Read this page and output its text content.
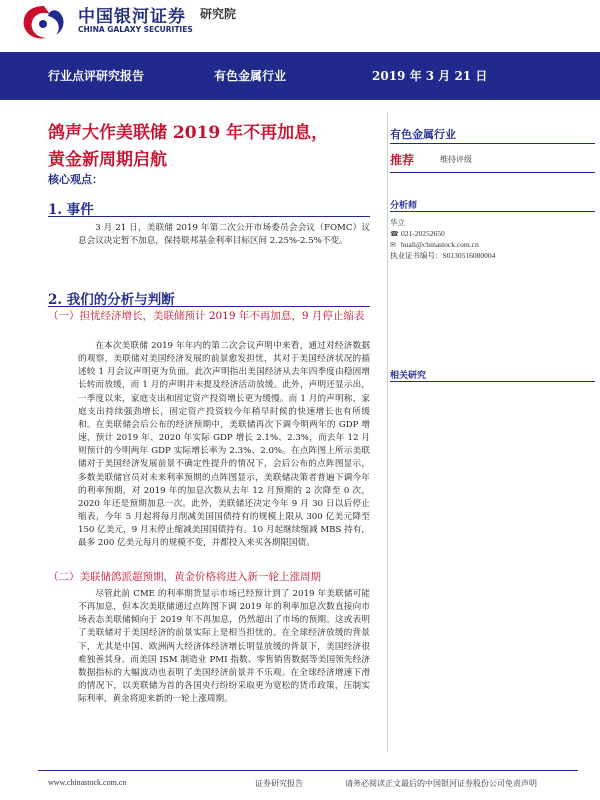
中国银河证券
CHINA GALAXY SECURITIES
研究院
行业点评研究报告	有色金属行业	2019 年 3 月 21 日
鸽声大作美联储 2019 年不再加息，
黄金新周期启航
核心观点：
1. 事件

3 月 21 日，美联储 2019 年第二次公开市场委员会会议（FOMC）议息会议决定暂不加息，保持联邦基金利率目标区间 2.25%-2.5%不变。

2. 我们的分析与判断
（一）担忧经济增长，美联储预计 2019 年不再加息，9 月停止缩表

在本次美联储 2019 年年内的第二次会议声明中来看，通过对经济数据的观察，美联储对美国经济发展的前景愈发担忧，其对于美国经济状况的描述较 1 月会议声明更为负面。此次声明指出美国经济从去年四季度由稳固增长转而放缓，而 1 月的声明并未提及经济活动放缓。此外，声明还显示出，一季度以来，家庭支出和固定资产投资增长更为缓慢。而 1 月的声明称，家庭支出持续强劲增长，固定资产投资较今年稍早时候的快速增长也有所缓和。在美联储会后公布的经济预期中，美联储再次下调今明两年的 GDP 增速，预计 2019 年、2020 年实际 GDP 增长 2.1%、2.3%，而去年 12 月则预计的今明两年 GDP 实际增长率为 2.3%、2.0%。在点阵图上所示美联储对于美国经济发展前景不确定性提升的情况下，会后公布的点阵图显示，多数美联储官员对未来利率预期的点阵图显示，美联储决策者普遍下调今年的利率预期，对 2019 年的加息次数从去年 12 月预期的 2 次降至 0 次，2020 年还是预期加息一次。此外，美联储还决定今年 9 月 30 日以后停止缩表，今年 5 月起将每月削减美国国债持有的规模上限从 300 亿美元降至 150 亿美元，9 月末停止缩减美国国债持有。10 月起继续缩减 MBS 持有，最多 200 亿美元每月的规模不变，并都投入来买各期限国债。

（二）美联储鸽派超预期，黄金价格将进入新一轮上涨周期

尽管此前 CME 的利率期货显示市场已经预计到了 2019 年美联储可能不再加息，但本次美联储通过点阵图下调 2019 年的利率加息次数直接向市场表态美联储倾向于 2019 年不再加息，仍然超出了市场的预期。这或表明了美联储对于美国经济的前景实际上是相当担忧的。在全球经济放缓的背景下，尤其是中国、欧洲两大经济体经济增长明显放缓的背景下，美国经济很难独善其身。而美国 ISM 制造业 PMI 指数、零售销售数据等美国领先经济数据指标的大幅波动也表明了美国经济前景并不乐观。在全球经济增速下滑的情况下，以美联储为首的各国央行纷纷采取更为宽松的货币政策，压制实际利率，黄金将迎来新的一轮上涨周期。

有色金属行业
推荐	维持评级
分析师
华立
☎ 021-20252650
✉ huali@chinastock.com.cn
执业证书编号：S0130516080004
相关研究
www.chinastock.com.cn	证券研究报告	请务必阅读正文最后的中国银河证券股份公司免责声明
